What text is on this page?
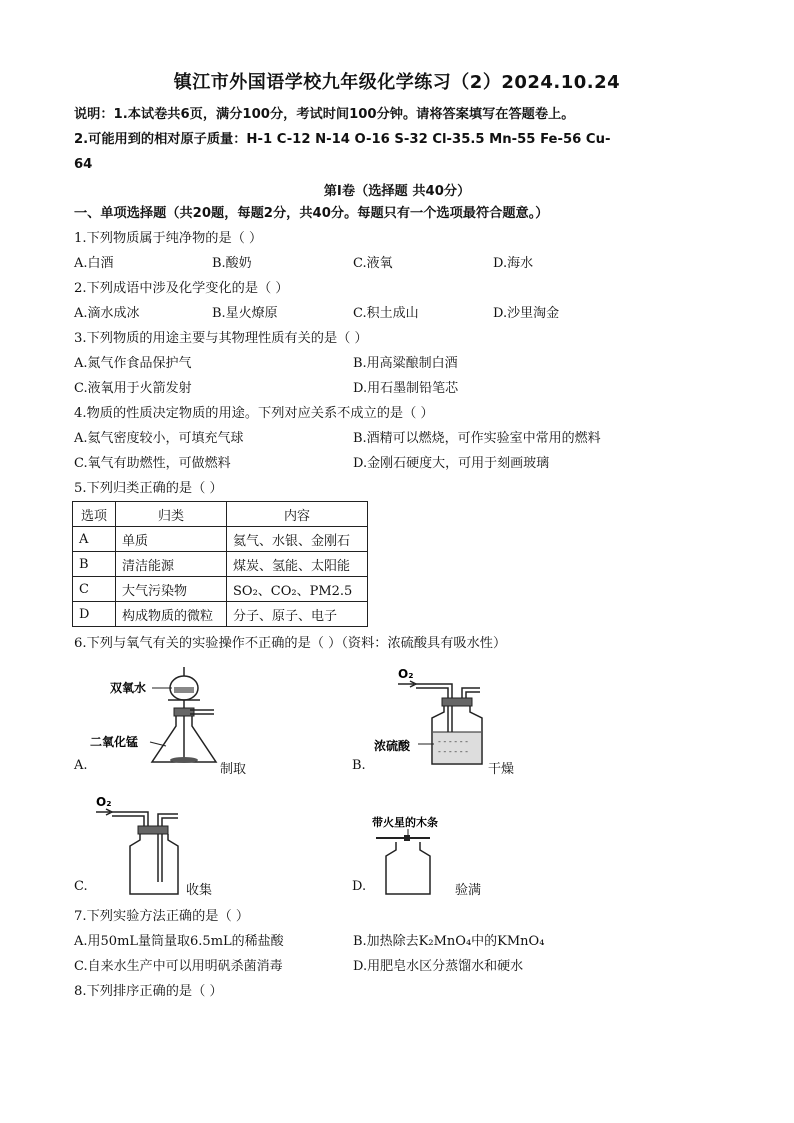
镇江市外国语学校九年级化学练习（2）2024.10.24
说明：1.本试卷共6页，满分100分，考试时间100分钟。请将答案填写在答题卷上。
2.可能用到的相对原子质量：H-1 C-12 N-14 O-16 S-32 Cl-35.5 Mn-55 Fe-56 Cu-
64
第Ⅰ卷（选择题 共40分）
一、单项选择题（共20题，每题2分，共40分。每题只有一个选项最符合题意。）
1.下列物质属于纯净物的是（ ）
A.白酒	B.酸奶	C.液氧	D.海水
2.下列成语中涉及化学变化的是（ ）
A.滴水成冰	B.星火燎原	C.积土成山	D.沙里淘金
3.下列物质的用途主要与其物理性质有关的是（ ）
A.氮气作食品保护气	B.用高粱酿制白酒
C.液氧用于火箭发射	D.用石墨制铅笔芯
4.物质的性质决定物质的用途。下列对应关系不成立的是（ ）
A.氦气密度较小，可填充气球	B.酒精可以燃烧，可作实验室中常用的燃料
C.氧气有助燃性，可做燃料	D.金刚石硬度大，可用于刻画玻璃
5.下列归类正确的是（ ）
选项	归类	内容
A	单质	氦气、水银、金刚石
B	清洁能源	煤炭、氢能、太阳能
C	大气污染物	SO₂、CO₂、PM2.5
D	构成物质的微粒	分子、原子、电子
6.下列与氧气有关的实验操作不正确的是（ ）（资料：浓硫酸具有吸水性）
A.
双氧水
二氧化锰
制取	B.
O₂
- - - - - -
- - - - - -
浓硫酸
干燥
C.
O₂
收集	D.
带火星的木条
验满
7.下列实验方法正确的是（ ）
A.用50mL量筒量取6.5mL的稀盐酸	B.加热除去K₂MnO₄中的KMnO₄
C.自来水生产中可以用明矾杀菌消毒	D.用肥皂水区分蒸馏水和硬水
8.下列排序正确的是（ ）
